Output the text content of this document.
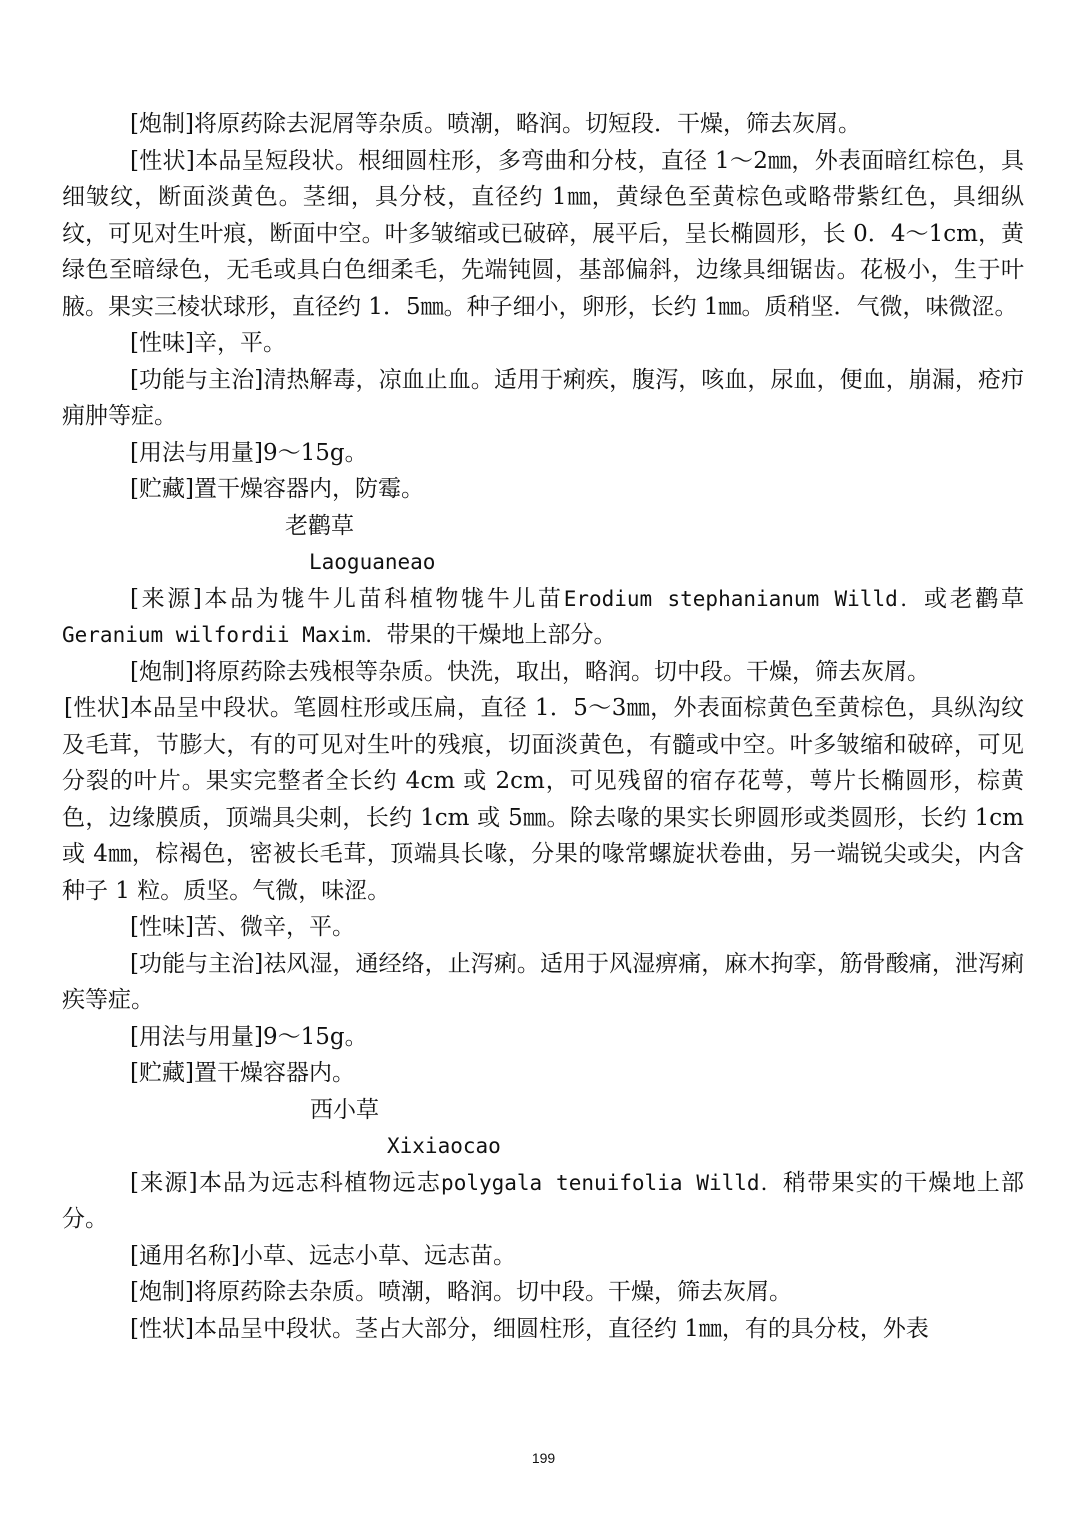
[炮制]将原药除去泥屑等杂质。喷潮，略润。切短段．干燥，筛去灰屑。

[性状]本品呈短段状。根细圆柱形，多弯曲和分枝，直径 1～2㎜，外表面暗红棕色，具细皱纹，断面淡黄色。茎细，具分枝，直径约 1㎜，黄绿色至黄棕色或略带紫红色，具细纵纹，可见对生叶痕，断面中空。叶多皱缩或已破碎，展平后，呈长椭圆形，长 0．4～1cm，黄绿色至暗绿色，无毛或具白色细柔毛，先端钝圆，基部偏斜，边缘具细锯齿。花极小，生于叶腋。果实三棱状球形，直径约 1．5㎜。种子细小，卵形，长约 1㎜。质稍坚．气微，味微涩。

[性味]辛，平。

[功能与主治]清热解毒，凉血止血。适用于痢疾，腹泻，咳血，尿血，便血，崩漏，疮疖痈肿等症。

[用法与用量]9～15g。

[贮藏]置干燥容器内，防霉。

老鹳草

Laoguaneao

[来源]本品为牻牛儿苗科植物牻牛儿苗Erodium stephanianum Willd．或老鹳草Geranium wilfordii Maxim．带果的干燥地上部分。

[炮制]将原药除去残根等杂质。快洗，取出，略润。切中段。干燥，筛去灰屑。

[性状]本品呈中段状。笔圆柱形或压扁，直径 1．5～3㎜，外表面棕黄色至黄棕色，具纵沟纹及毛茸，节膨大，有的可见对生叶的残痕，切面淡黄色，有髓或中空。叶多皱缩和破碎，可见分裂的叶片。果实完整者全长约 4cm 或 2cm，可见残留的宿存花萼，萼片长椭圆形，棕黄色，边缘膜质，顶端具尖刺，长约 1cm 或 5㎜。除去喙的果实长卵圆形或类圆形，长约 1cm 或 4㎜，棕褐色，密被长毛茸，顶端具长喙，分果的喙常螺旋状卷曲，另一端锐尖或尖，内含种子 1 粒。质坚。气微，味涩。

[性味]苦、微辛，平。

[功能与主治]祛风湿，通经络，止泻痢。适用于风湿痹痛，麻木拘挛，筋骨酸痛，泄泻痢疾等症。

[用法与用量]9～15g。

[贮藏]置干燥容器内。

西小草

Xixiaocao

[来源]本品为远志科植物远志polygala tenuifolia Willd．稍带果实的干燥地上部分。

[通用名称]小草、远志小草、远志苗。

[炮制]将原药除去杂质。喷潮，略润。切中段。干燥，筛去灰屑。

[性状]本品呈中段状。茎占大部分，细圆柱形，直径约 1㎜，有的具分枝，外表

199
